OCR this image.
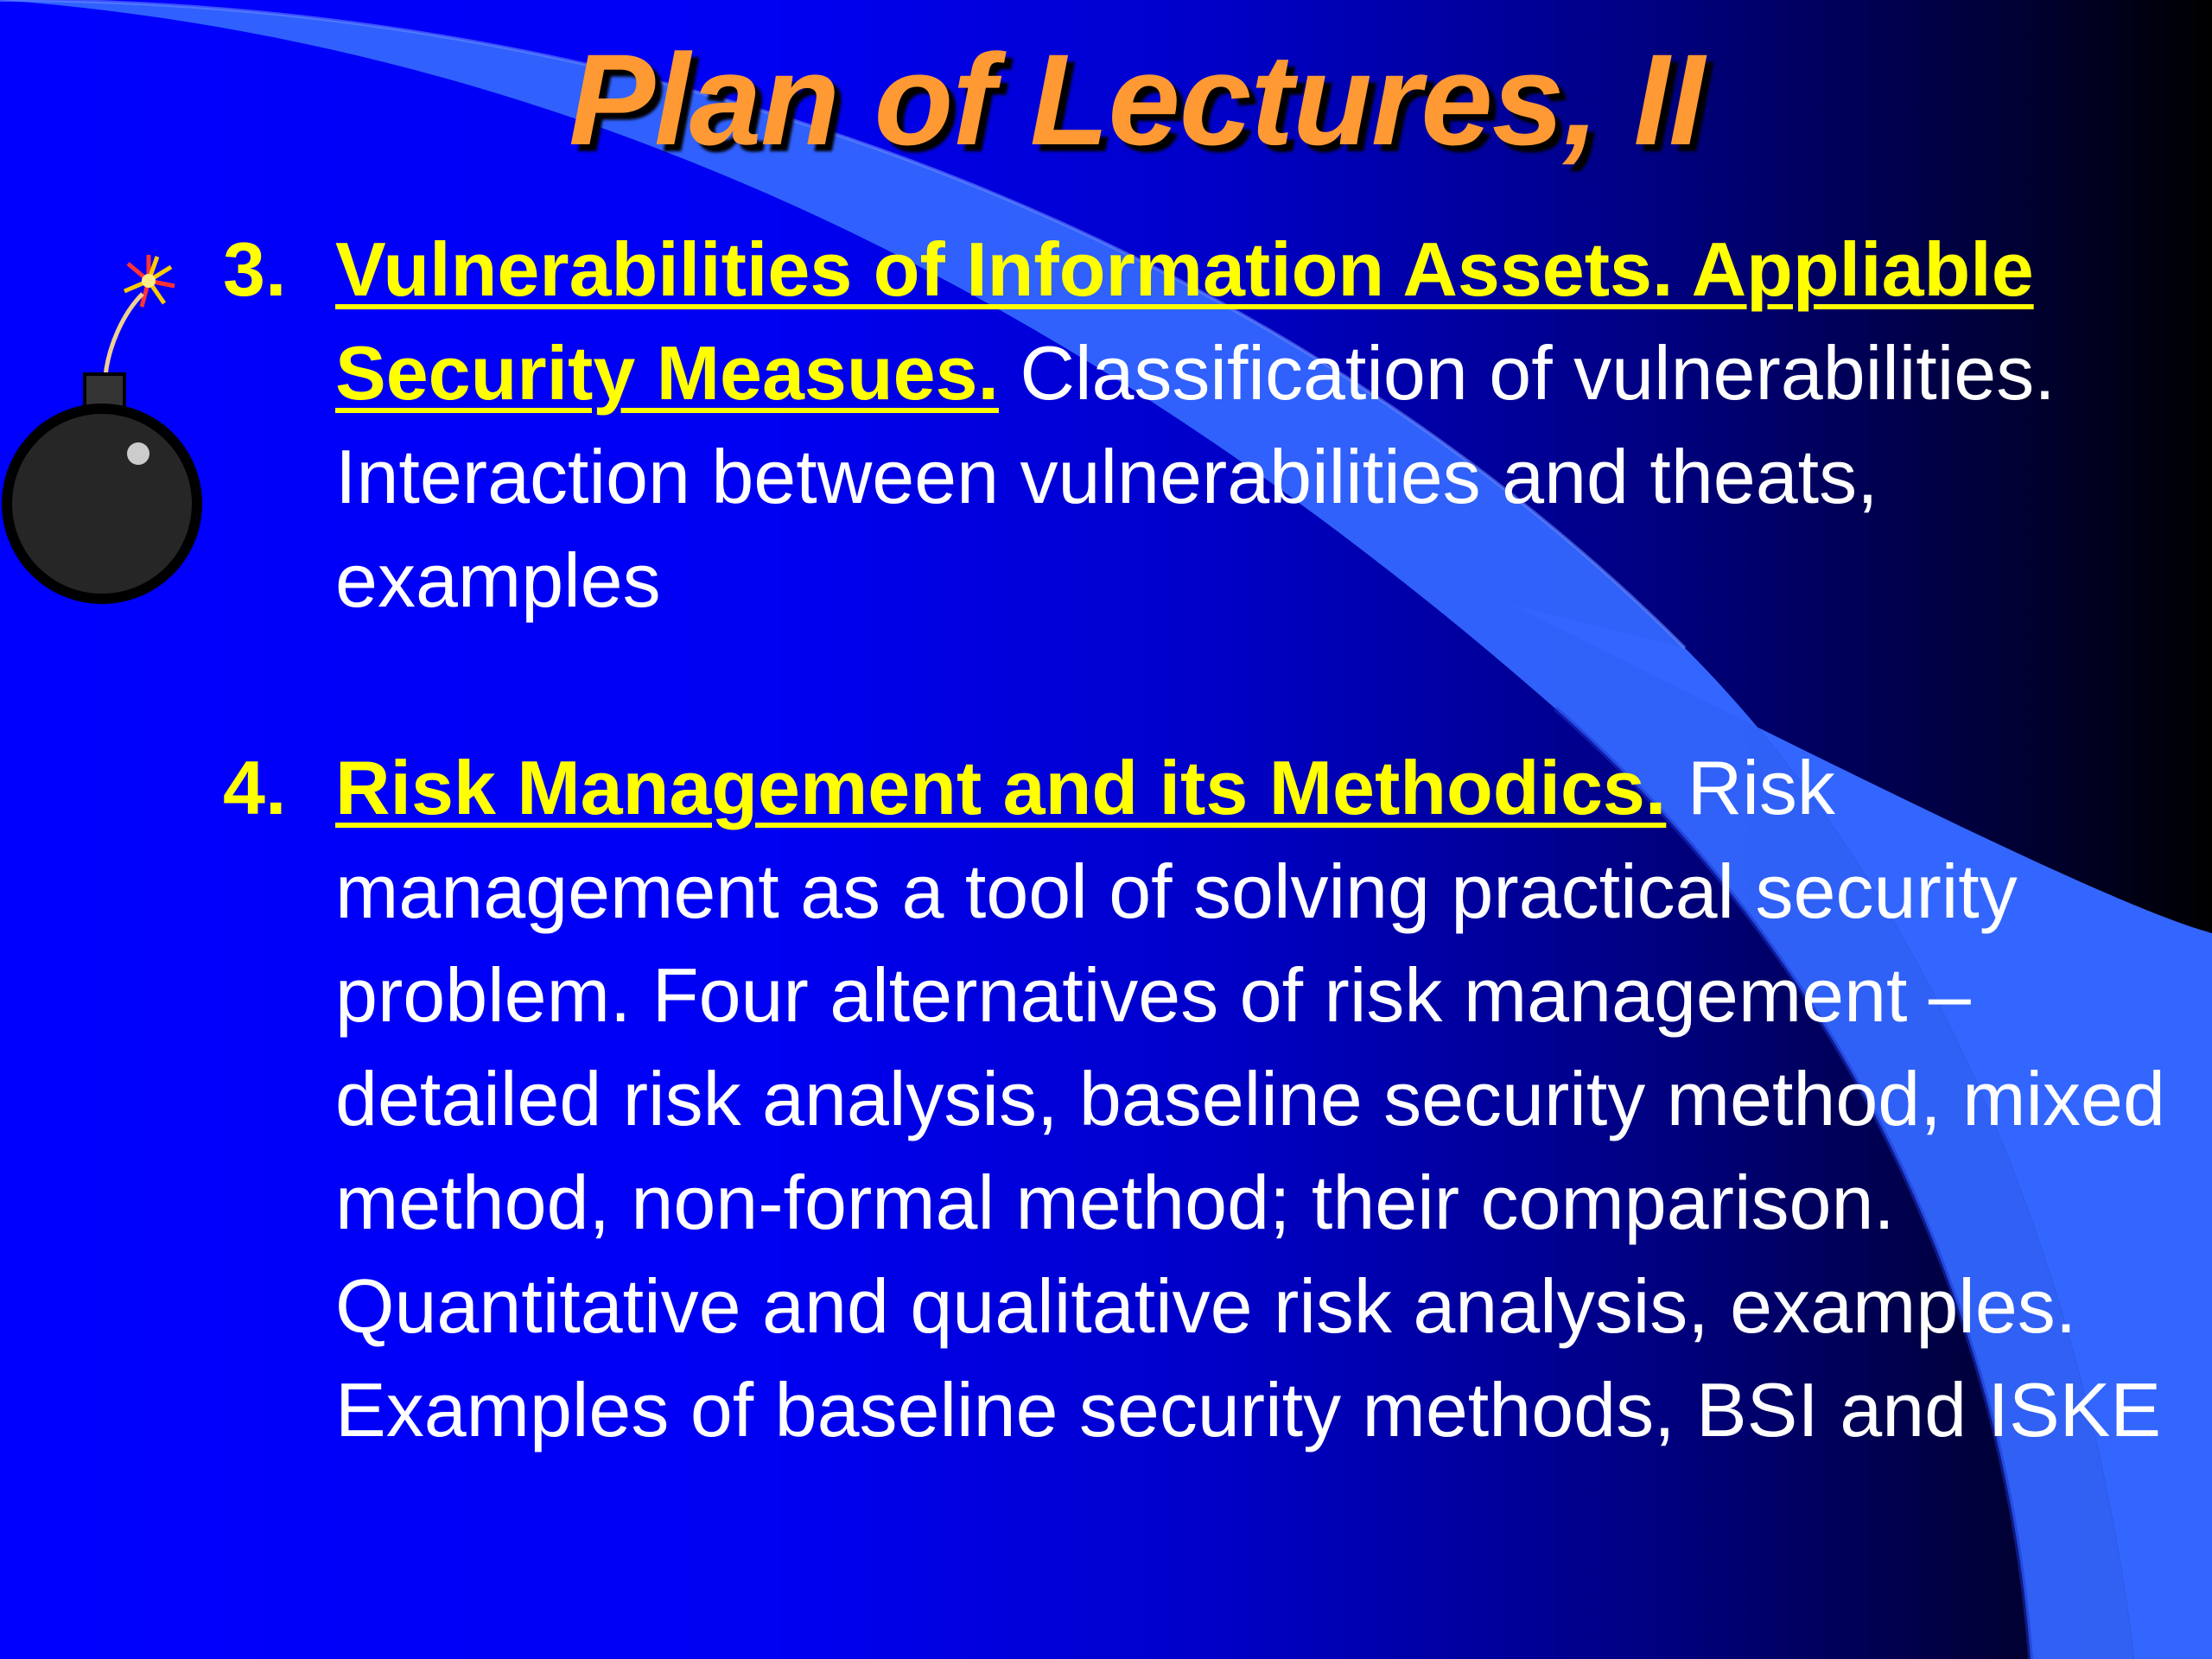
Plan of Lectures, II
3. Vulnerabilities of Information Assets. Appliable Security Measues. Classification of vulnerabilities. Interaction between vulnerabilities and theats, examples
4. Risk Management and its Methodics. Risk management as a tool of solving practical security problem. Four alternatives of risk management – detailed risk analysis, baseline security method, mixed method, non-formal method; their comparison. Quantitative and qualitative risk analysis, examples. Examples of baseline security methods, BSI and ISKE
